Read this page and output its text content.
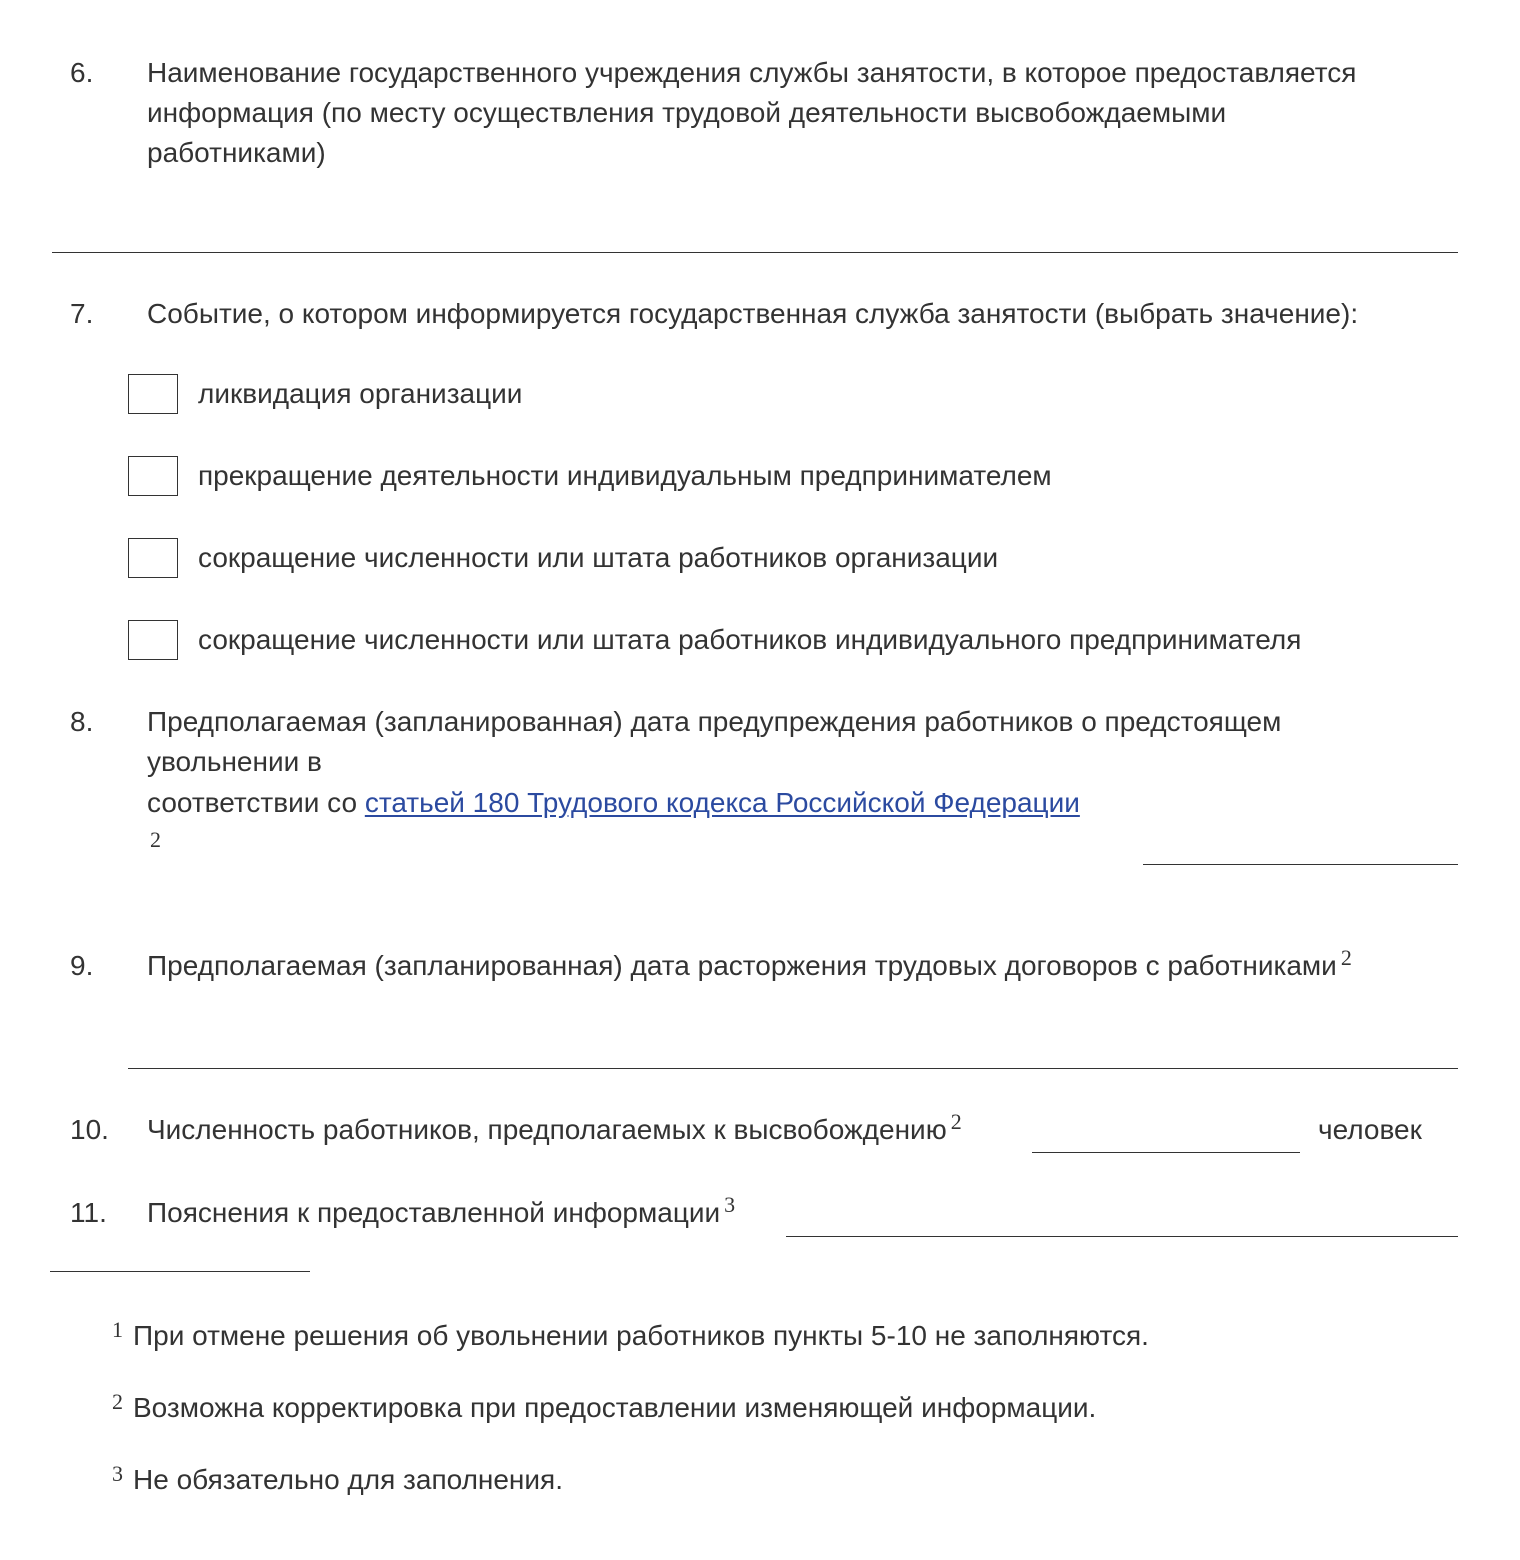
6. Наименование государственного учреждения службы занятости, в которое предоставляется
информация (по месту осуществления трудовой деятельности высвобождаемыми
работниками)
7. Событие, о котором информируется государственная служба занятости (выбрать значение):
ликвидация организации
прекращение деятельности индивидуальным предпринимателем
сокращение численности или штата работников организации
сокращение численности или штата работников индивидуального предпринимателя
8. Предполагаемая (запланированная) дата предупреждения работников о предстоящем
увольнении в
соответствии со статьей 180 Трудового кодекса Российской Федерации
2
9. Предполагаемая (запланированная) дата расторжения трудовых договоров с работниками $^2$
10. Численность работников, предполагаемых к высвобождению $^2$	человек
11. Пояснения к предоставленной информации $^3$
$^1$ При отмене решения об увольнении работников пункты 5-10 не заполняются.
$^2$ Возможна корректировка при предоставлении изменяющей информации.
$^3$ Не обязательно для заполнения.
